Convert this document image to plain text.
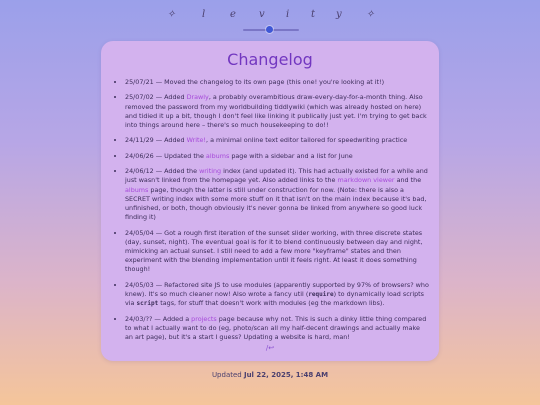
✧	l e v i t y ✧
Changelog
• 25/07/21 — Moved the changelog to its own page (this one! you're looking at it!)
• 25/07/02 — Added Drawly, a probably overambitious draw-every-day-for-a-month thing. Also removed the password from my worldbuilding tiddlywiki (which was already hosted on here) and tidied it up a bit, though I don't feel like linking it publically just yet. I'm trying to get back into things around here – there's so much housekeeping to do!!
• 24/11/29 — Added Write!, a minimal online text editor tailored for speedwriting practice
• 24/06/26 — Updated the albums page with a sidebar and a list for June
• 24/06/12 — Added the writing index (and updated it). This had actually existed for a while and just wasn't linked from the homepage yet. Also added links to the markdown viewer and the albums page, though the latter is still under construction for now. (Note: there is also a SECRET writing index with some more stuff on it that isn't on the main index because it's bad, unfinished, or both, though obviously it's never gonna be linked from anywhere so good luck finding it)
• 24/05/04 — Got a rough first iteration of the sunset slider working, with three discrete states (day, sunset, night). The eventual goal is for it to blend continuously between day and night, mimicking an actual sunset. I still need to add a few more "keyframe" states and then experiment with the blending implementation until it feels right. At least it does something though!
• 24/05/03 — Refactored site JS to use modules (apparently supported by 97% of browsers? who knew). It's so much cleaner now! Also wrote a fancy util (require) to dynamically load scripts via script tags, for stuff that doesn't work with modules (eg the markdown libs).
• 24/03/?? — Added a projects page because why not. This is such a dinky little thing compared to what I actually want to do (eg, photo/scan all my half-decent drawings and actually make an art page), but it's a start I guess? Updating a website is hard, man!
/↩
Updated Jul 22, 2025, 1:48 AM
